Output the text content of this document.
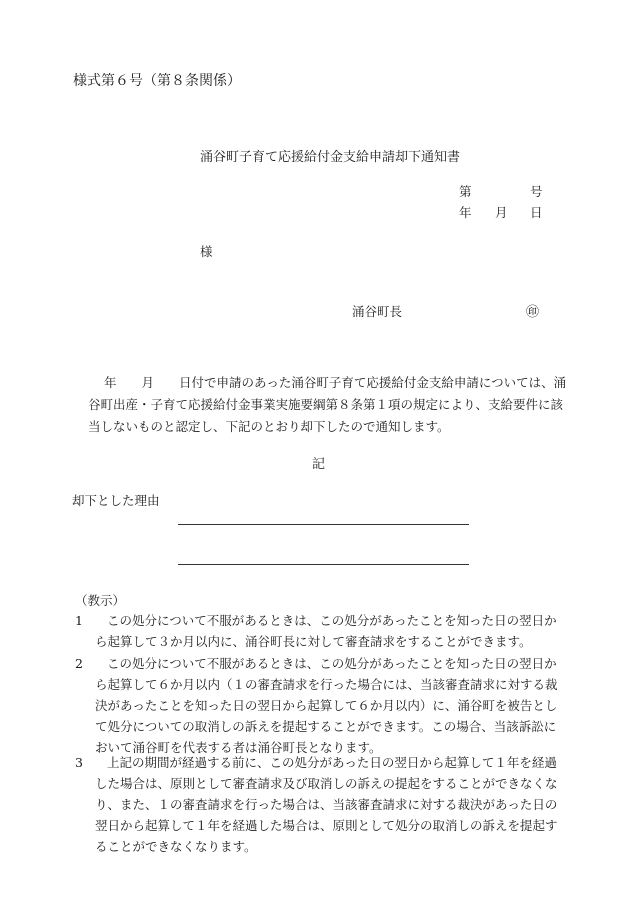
様式第６号（第８条関係）
涌谷町子育て応援給付金支給申請却下通知書
第	号
年 月 日
様
涌谷町長	㊞
年　　月　　日付で申請のあった涌谷町子育て応援給付金支給申請については、涌谷町出産・子育て応援給付金事業実施要綱第８条第１項の規定により、支給要件に該当しないものと認定し、下記のとおり却下したので通知します。
記
却下とした理由
（教示）
1	この処分について不服があるときは、この処分があったことを知った日の翌日から起算して３か月以内に、涌谷町長に対して審査請求をすることができます。
2	この処分について不服があるときは、この処分があったことを知った日の翌日から起算して６か月以内（１の審査請求を行った場合には、当該審査請求に対する裁決があったことを知った日の翌日から起算して６か月以内）に、涌谷町を被告として処分についての取消しの訴えを提起することができます。この場合、当該訴訟において涌谷町を代表する者は涌谷町長となります。
3	上記の期間が経過する前に、この処分があった日の翌日から起算して１年を経過した場合は、原則として審査請求及び取消しの訴えの提起をすることができなくなり、また、１の審査請求を行った場合は、当該審査請求に対する裁決があった日の翌日から起算して１年を経過した場合は、原則として処分の取消しの訴えを提起することができなくなります。
